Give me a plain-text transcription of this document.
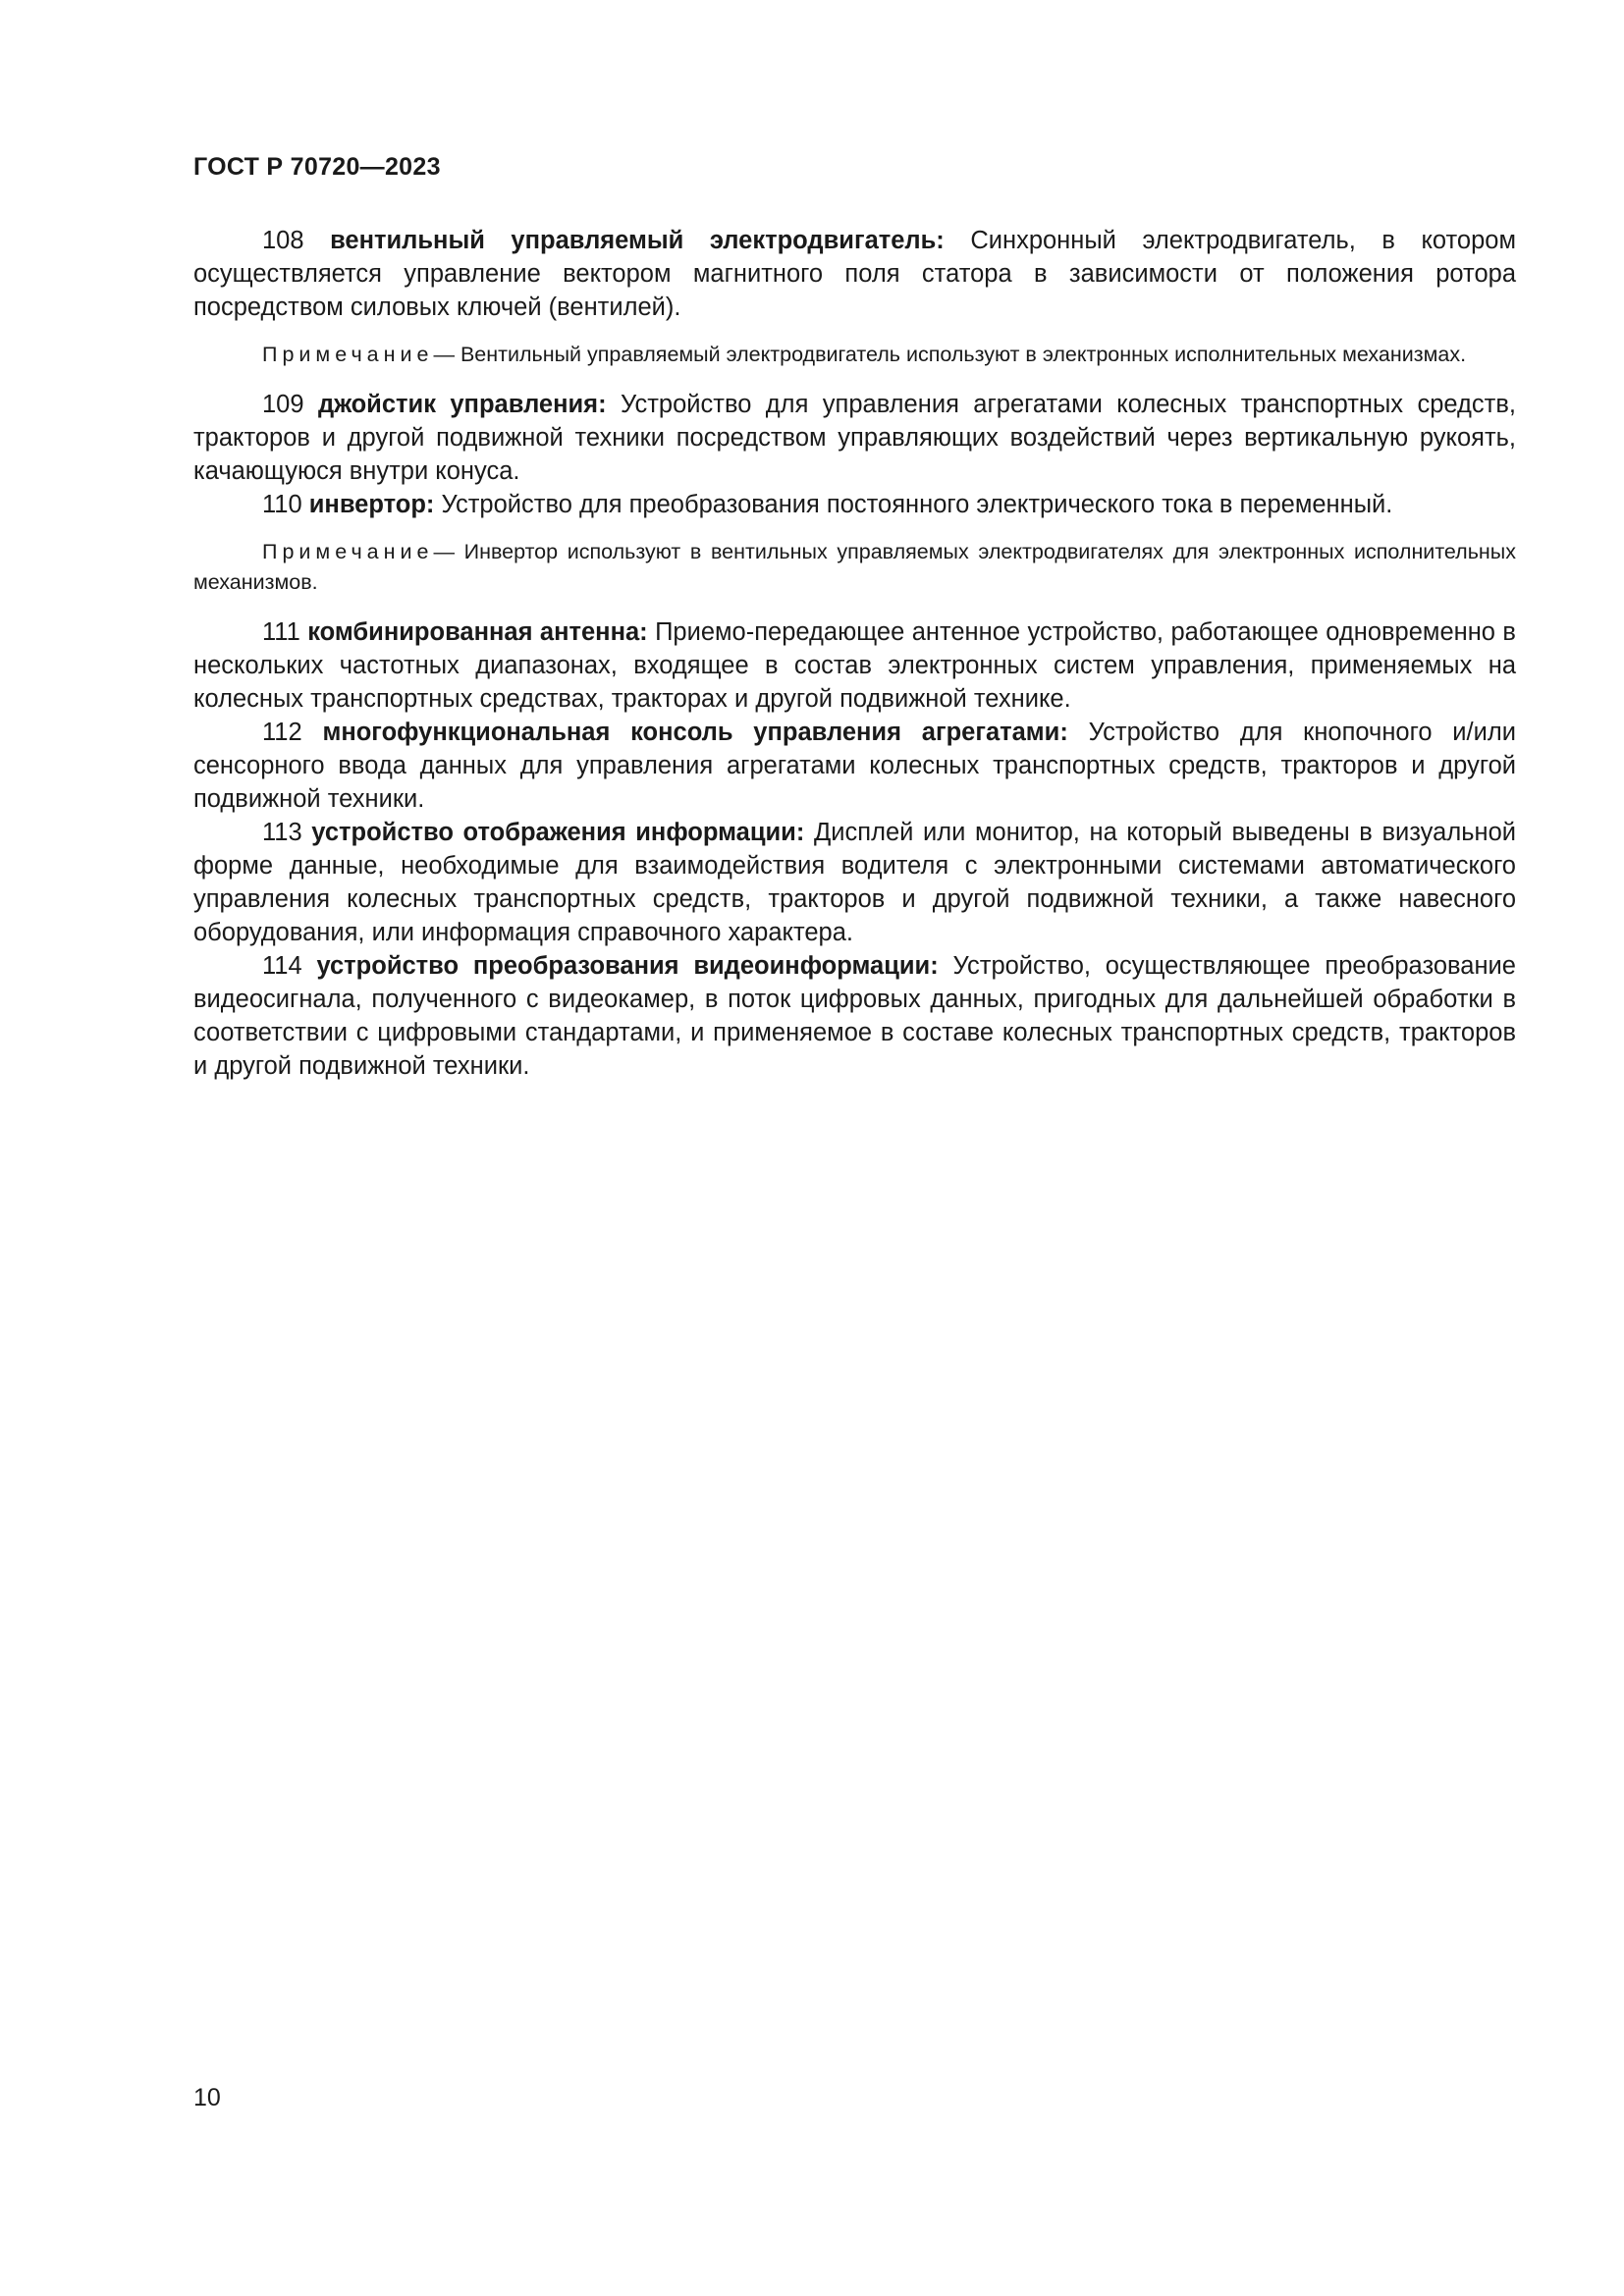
ГОСТ Р 70720—2023

108 вентильный управляемый электродвигатель: Синхронный электродвигатель, в котором осуществляется управление вектором магнитного поля статора в зависимости от положения ротора посредством силовых ключей (вентилей).

Примечание— Вентильный управляемый электродвигатель используют в электронных исполнительных механизмах.

109 джойстик управления: Устройство для управления агрегатами колесных транспортных средств, тракторов и другой подвижной техники посредством управляющих воздействий через вертикальную рукоять, качающуюся внутри конуса.

110 инвертор: Устройство для преобразования постоянного электрического тока в переменный.

Примечание— Инвертор используют в вентильных управляемых электродвигателях для электронных исполнительных механизмов.

111 комбинированная антенна: Приемо-передающее антенное устройство, работающее одновременно в нескольких частотных диапазонах, входящее в состав электронных систем управления, применяемых на колесных транспортных средствах, тракторах и другой подвижной технике.

112 многофункциональная консоль управления агрегатами: Устройство для кнопочного и/или сенсорного ввода данных для управления агрегатами колесных транспортных средств, тракторов и другой подвижной техники.

113 устройство отображения информации: Дисплей или монитор, на который выведены в визуальной форме данные, необходимые для взаимодействия водителя с электронными системами автоматического управления колесных транспортных средств, тракторов и другой подвижной техники, а также навесного оборудования, или информация справочного характера.

114 устройство преобразования видеоинформации: Устройство, осуществляющее преобразование видеосигнала, полученного с видеокамер, в поток цифровых данных, пригодных для дальнейшей обработки в соответствии с цифровыми стандартами, и применяемое в составе колесных транспортных средств, тракторов и другой подвижной техники.

10
